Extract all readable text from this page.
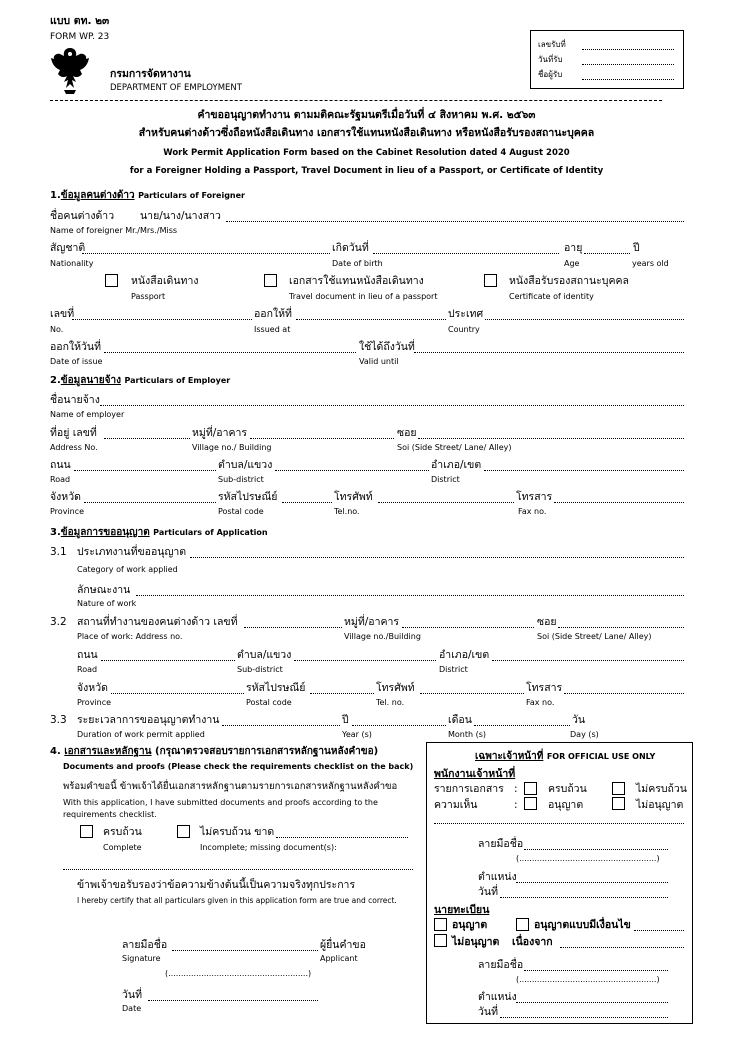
แบบ ตท. ๒๓
FORM WP. 23
กรมการจัดหางาน
DEPARTMENT OF EMPLOYMENT
เลขรับที่
วันที่รับ
ชื่อผู้รับ
คำขออนุญาตทำงาน ตามมติคณะรัฐมนตรีเมื่อวันที่ ๔ สิงหาคม พ.ศ. ๒๕๖๓
สำหรับคนต่างด้าวซึ่งถือหนังสือเดินทาง เอกสารใช้แทนหนังสือเดินทาง หรือหนังสือรับรองสถานะบุคคล
Work Permit Application Form based on the Cabinet Resolution dated 4 August 2020
for a Foreigner Holding a Passport, Travel Document in lieu of a Passport, or Certificate of Identity
1.ข้อมูลคนต่างด้าว Particulars of Foreigner
ชื่อคนต่างด้าว นาย/นาง/นางสาว
Name of foreigner Mr./Mrs./Miss
สัญชาติ	เกิดวันที่	อายุ	ปี
Nationality	Date of birth	Age	years old
หนังสือเดินทาง
Passport
เอกสารใช้แทนหนังสือเดินทาง
Travel document in lieu of a passport
หนังสือรับรองสถานะบุคคล
Certificate of identity
เลขที่	ออกให้ที่	ประเทศ
No.	Issued at	Country
ออกให้วันที่	ใช้ได้ถึงวันที่
Date of issue	Valid until
2.ข้อมูลนายจ้าง Particulars of Employer
ชื่อนายจ้าง
Name of employer
ที่อยู่ เลขที่	หมู่ที่/อาคาร	ซอย
Address No.	Village no./ Building	Soi (Side Street/ Lane/ Alley)
ถนน	ตำบล/แขวง	อำเภอ/เขต
Road	Sub-district	District
จังหวัด	รหัสไปรษณีย์	โทรศัพท์	โทรสาร
Province	Postal code	Tel.no.	Fax no.
3.ข้อมูลการขออนุญาต Particulars of Application
3.1 ประเภทงานที่ขออนุญาต
Category of work applied
ลักษณะงาน
Nature of work
3.2 สถานที่ทำงานของคนต่างด้าว เลขที่	หมู่ที่/อาคาร	ซอย
Place of work: Address no.	Village no./Building	Soi (Side Street/ Lane/ Alley)
ถนน	ตำบล/แขวง	อำเภอ/เขต
Road	Sub-district	District
จังหวัด	รหัสไปรษณีย์	โทรศัพท์	โทรสาร
Province	Postal code	Tel. no.	Fax no.
3.3 ระยะเวลาการขออนุญาตทำงาน	ปี	เดือน	วัน
Duration of work permit applied	Year (s)	Month (s)	Day (s)
4. เอกสารและหลักฐาน (กรุณาตรวจสอบรายการเอกสารหลักฐานหลังคำขอ)
Documents and proofs (Please check the requirements checklist on the back)
พร้อมคำขอนี้ ข้าพเจ้าได้ยื่นเอกสารหลักฐานตามรายการเอกสารหลักฐานหลังคำขอ
With this application, I have submitted documents and proofs according to the
requirements checklist.
ครบถ้วน
Complete
ไม่ครบถ้วน ขาด
Incomplete; missing document(s):
ข้าพเจ้าขอรับรองว่าข้อความข้างต้นนี้เป็นความจริงทุกประการ
I hereby certify that all particulars given in this application form are true and correct.
ลายมือชื่อ	ผู้ยื่นคำขอ
Signature	Applicant
(.......................................................)
วันที่
Date
เฉพาะเจ้าหน้าที่ FOR OFFICIAL USE ONLY
พนักงานเจ้าหน้าที่
รายการเอกสาร :	ครบถ้วน	ไม่ครบถ้วน
ความเห็น	:	อนุญาต	ไม่อนุญาต
ลายมือชื่อ
(......................................................)
ตำแหน่ง
วันที่
นายทะเบียน
อนุญาต	อนุญาตแบบมีเงื่อนไข
ไม่อนุญาต เนื่องจาก
ลายมือชื่อ
(......................................................)
ตำแหน่ง
วันที่
